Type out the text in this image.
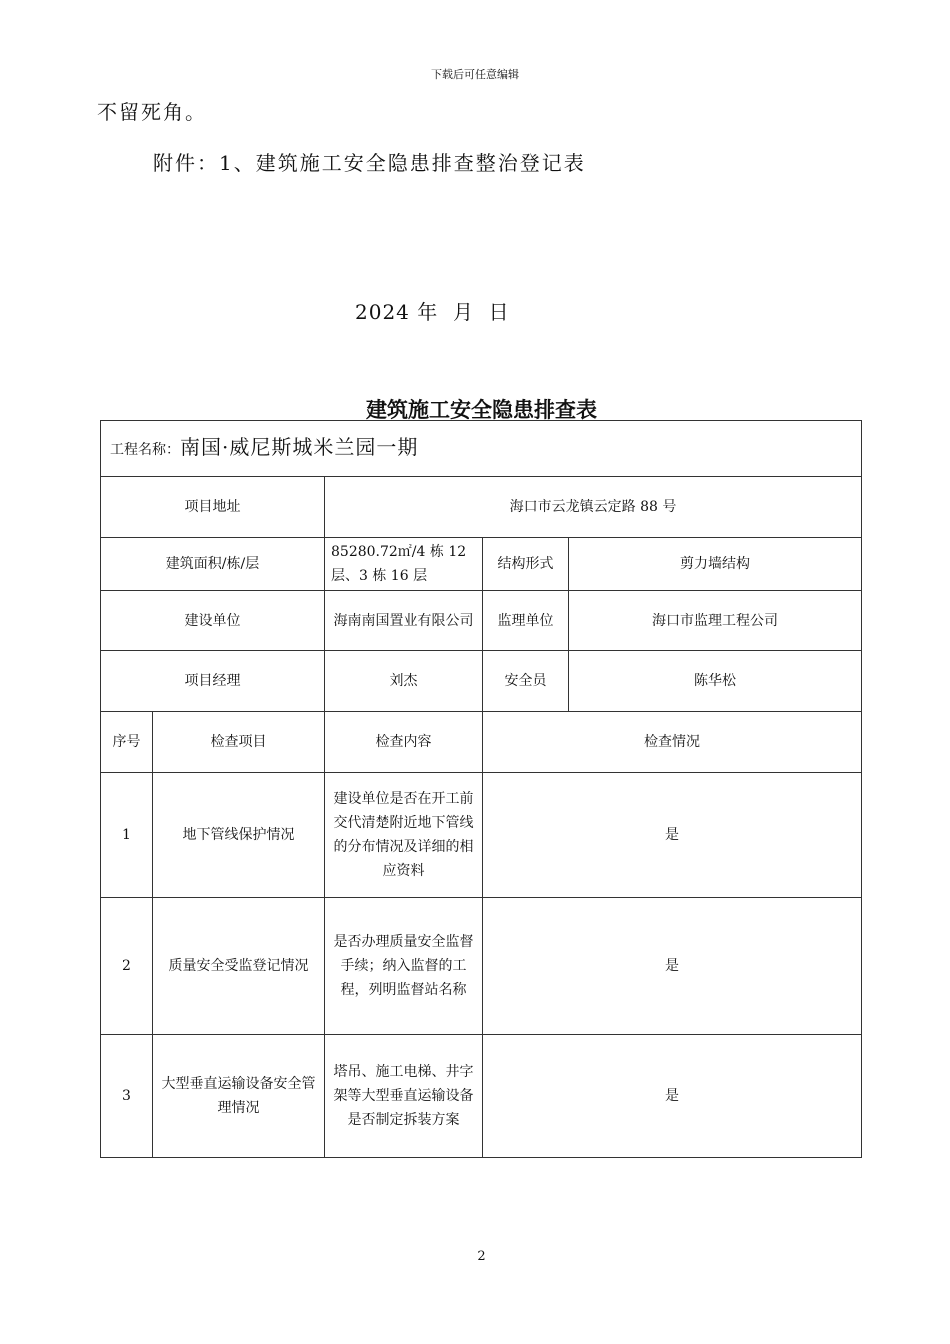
下载后可任意编辑
不留死角。
附件：1、建筑施工安全隐患排查整治登记表
2024 年  月  日
建筑施工安全隐患排查表
工程名称：南国·威尼斯城米兰园一期				
项目地址		海口市云龙镇云定路 88 号		
建筑面积/栋/层		85280.72㎡/4 栋 12 层、3 栋 16 层	结构形式	剪力墙结构
建设单位		海南南国置业有限公司	监理单位	海口市监理工程公司
项目经理		刘杰	安全员	陈华松
序号	检查项目	检查内容	检查情况	
1	地下管线保护情况	建设单位是否在开工前交代清楚附近地下管线的分布情况及详细的相应资料	是	
2	质量安全受监登记情况	是否办理质量安全监督手续；纳入监督的工程，列明监督站名称	是	
3	大型垂直运输设备安全管理情况	塔吊、施工电梯、井字架等大型垂直运输设备是否制定拆装方案	是	
2
